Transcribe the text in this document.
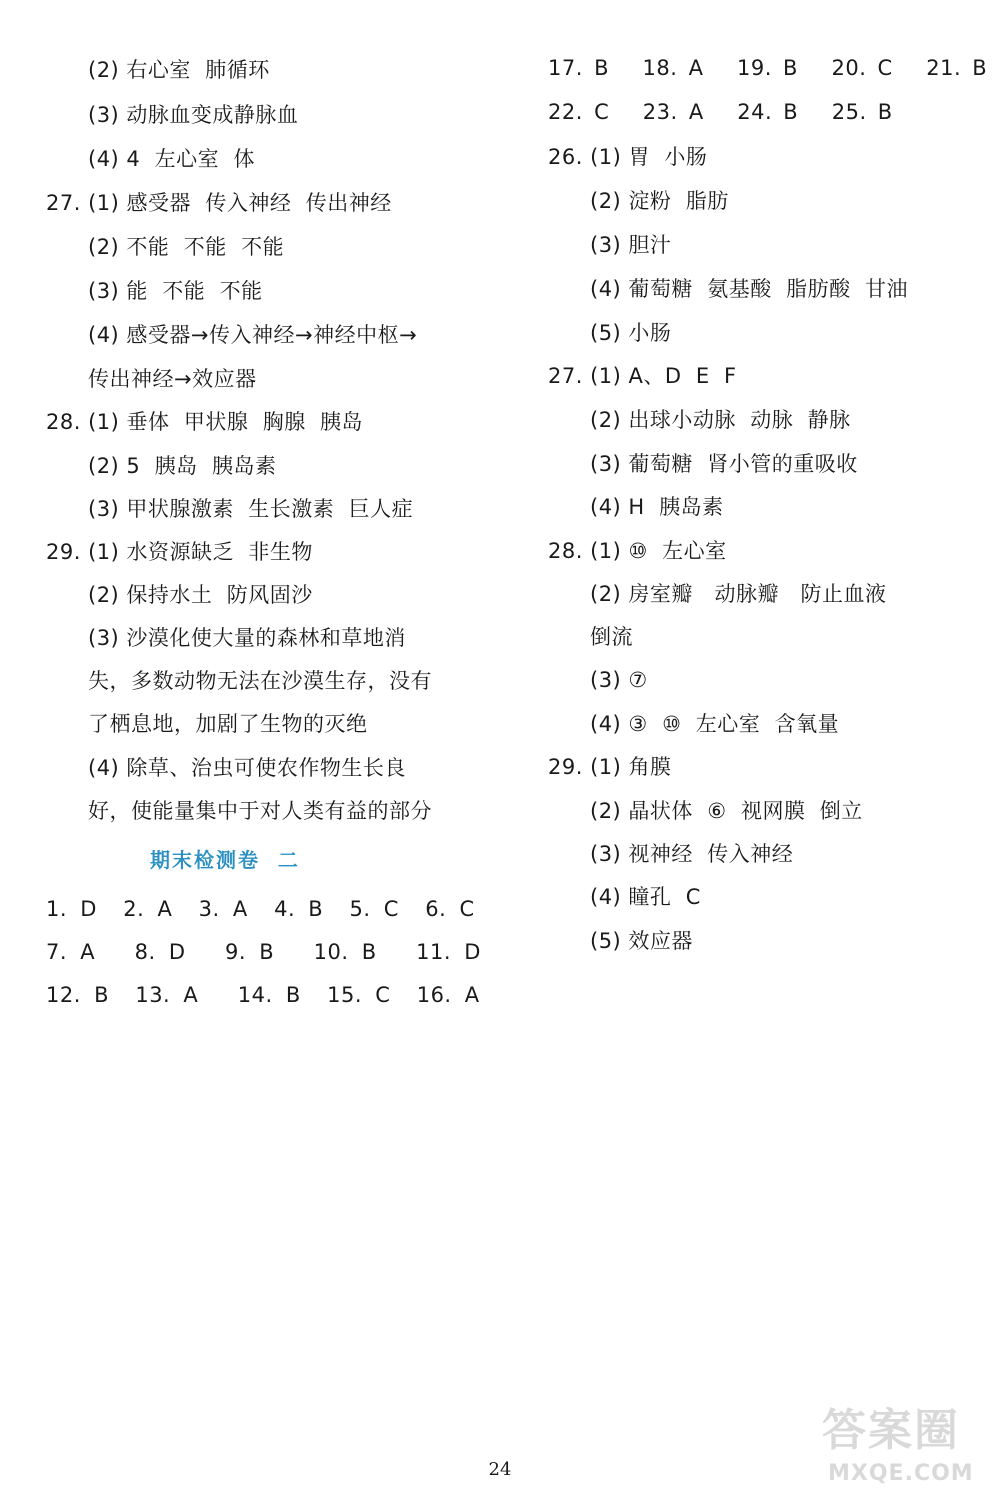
(2) 右心室  肺循环
(3) 动脉血变成静脉血
(4) 4  左心室  体
27. (1) 感受器  传入神经  传出神经
(2) 不能  不能  不能
(3) 能  不能  不能
(4) 感受器→传入神经→神经中枢→
传出神经→效应器
28. (1) 垂体  甲状腺  胸腺  胰岛
(2) 5  胰岛  胰岛素
(3) 甲状腺激素  生长激素  巨人症
29. (1) 水资源缺乏  非生物
(2) 保持水土  防风固沙
(3) 沙漠化使大量的森林和草地消
失，多数动物无法在沙漠生存，没有
了栖息地，加剧了生物的灭绝
(4) 除草、治虫可使农作物生长良
好，使能量集中于对人类有益的部分
期末检测卷  二
1. D  2. A  3. A  4. B  5. C  6. C
7. A   8. D   9. B   10. B   11. D
12. B  13. A   14. B  15. C  16. A
17. B   18. A   19. B   20. C   21. B
22. C   23. A   24. B   25. B
26. (1) 胃  小肠
(2) 淀粉  脂肪
(3) 胆汁
(4) 葡萄糖  氨基酸  脂肪酸  甘油
(5) 小肠
27. (1) A、D  E  F
(2) 出球小动脉  动脉  静脉
(3) 葡萄糖  肾小管的重吸收
(4) H  胰岛素
28. (1) ⑩  左心室
(2) 房室瓣   动脉瓣   防止血液
倒流
(3) ⑦
(4) ③  ⑩  左心室  含氧量
29. (1) 角膜
(2) 晶状体  ⑥  视网膜  倒立
(3) 视神经  传入神经
(4) 瞳孔  C
(5) 效应器
24
答案圈
MXQE.COM
